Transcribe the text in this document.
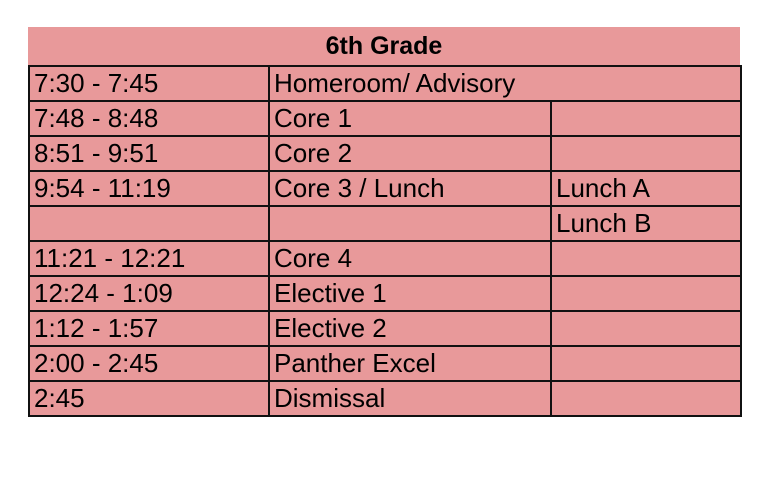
6th Grade
7:30 - 7:45	Homeroom/ Advisory	
7:48 - 8:48	Core 1	
8:51 - 9:51	Core 2	
9:54 - 11:19	Core 3 / Lunch	Lunch A
		Lunch B
11:21 - 12:21	Core 4	
12:24 - 1:09	Elective 1	
1:12 - 1:57	Elective 2	
2:00 - 2:45	Panther Excel	
2:45	Dismissal	
